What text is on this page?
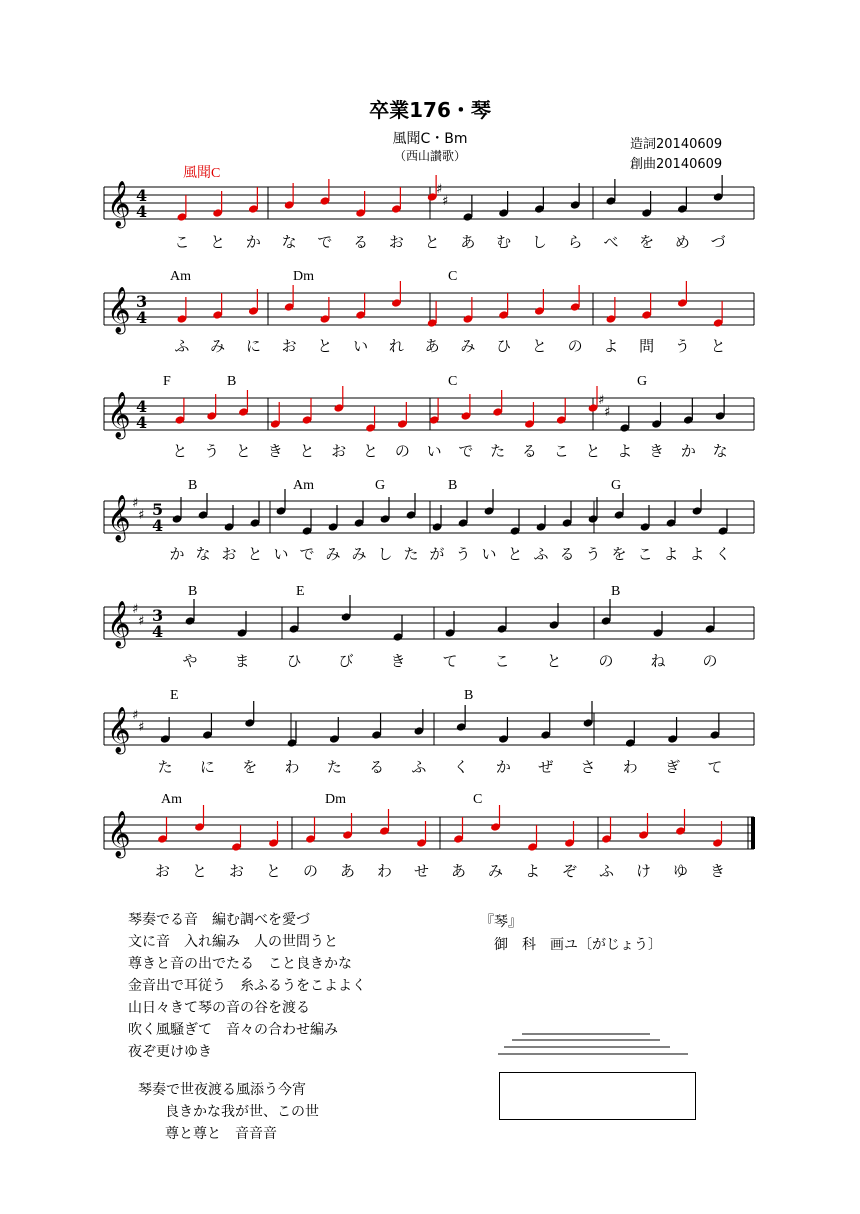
𝄞 4
4
♯
♯
風聞C
こ と か な で る お と あ む し ら べ を め づ
𝄞 3
4
Am	Dm	C
ふ み に お と い れ あ み ひ と の よ 問 う と
𝄞 4
4
♯
♯
F	B	C	G
と う と き と お と の い で た る こ と よ き か な
𝄞 ♯
♯ 5
4
B	Am	G	B	G
か な お と い で み み し た が う い と ふ る う を こ よ よ く
𝄞 ♯
♯ 3
4
B	E	B
や ま ひ び き て こ と の ね の
𝄞 ♯
♯
E	B
た に を わ た る ふ く か ぜ さ わ ぎ て
𝄞
Am	Dm	C
お と お と の あ わ せ あ み よ ぞ ふ け ゆ き
卒業176・琴
風聞C・Bm
（西山讃歌）
造詞20140609
創曲20140609
琴奏でる音　編む調べを愛づ
文に音　入れ編み　人の世問うと
尊きと音の出でたる　こと良きかな
金音出で耳従う　糸ふるうをこよよく
山日々きて琴の音の谷を渡る
吹く風騒ぎて　音々の合わせ編み
夜ぞ更けゆき
琴奏で世夜渡る風添う今宵
良きかな我が世、この世
尊と尊と　音音音
『琴』
御　科　画ユ〔がじょう〕
